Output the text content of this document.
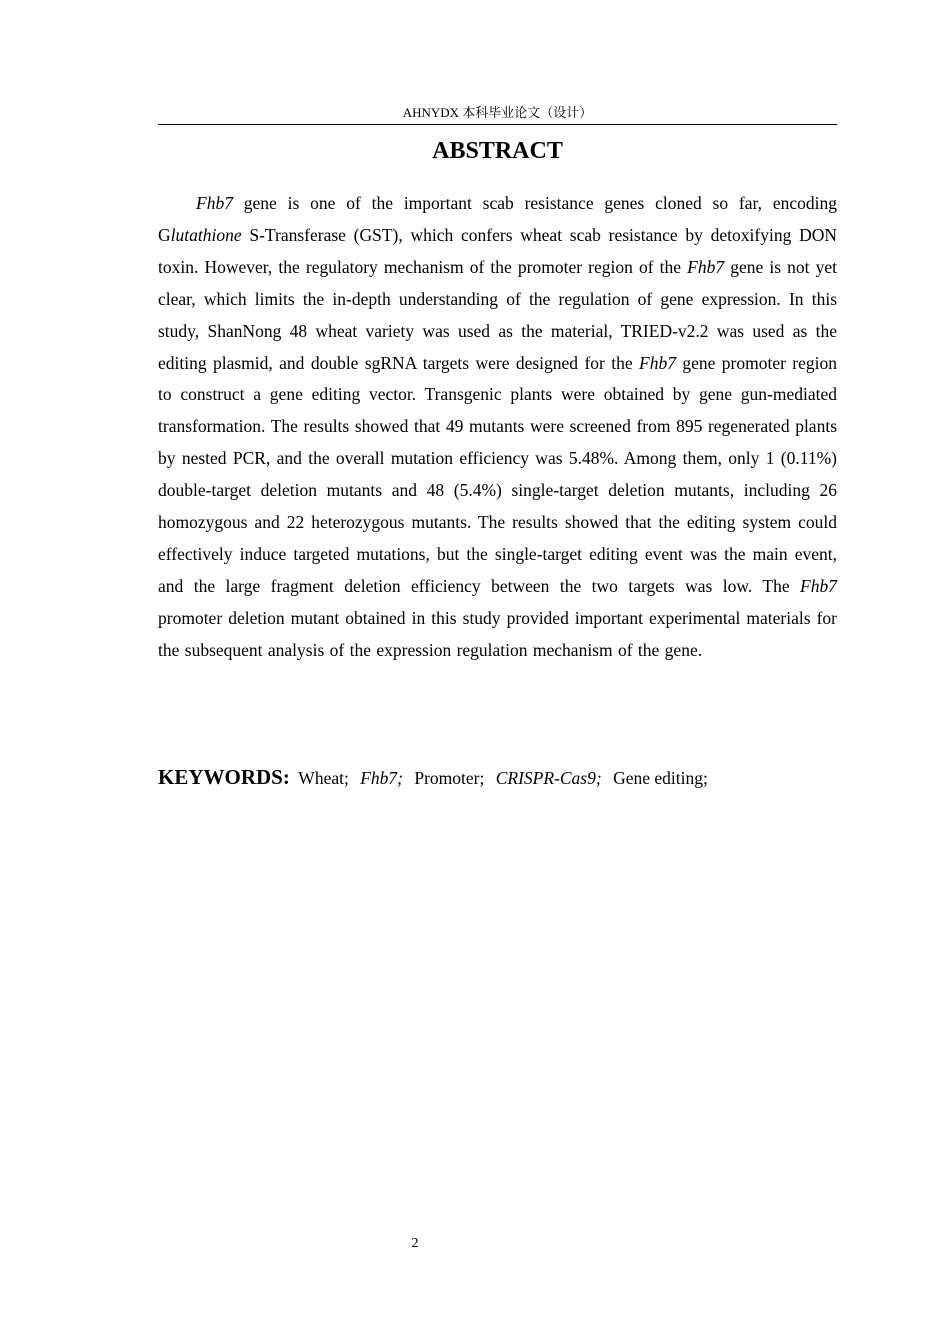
AHNYDX 本科毕业论文（设计）
ABSTRACT

Fhb7 gene is one of the important scab resistance genes cloned so far, encoding Glutathione S-Transferase (GST), which confers wheat scab resistance by detoxifying DON toxin. However, the regulatory mechanism of the promoter region of the Fhb7 gene is not yet clear, which limits the in-depth understanding of the regulation of gene expression. In this study, ShanNong 48 wheat variety was used as the material, TRIED-v2.2 was used as the editing plasmid, and double sgRNA targets were designed for the Fhb7 gene promoter region to construct a gene editing vector. Transgenic plants were obtained by gene gun-mediated transformation. The results showed that 49 mutants were screened from 895 regenerated plants by nested PCR, and the overall mutation efficiency was 5.48%. Among them, only 1 (0.11%) double-target deletion mutants and 48 (5.4%) single-target deletion mutants, including 26 homozygous and 22 heterozygous mutants. The results showed that the editing system could effectively induce targeted mutations, but the single-target editing event was the main event, and the large fragment deletion efficiency between the two targets was low. The Fhb7 promoter deletion mutant obtained in this study provided important experimental materials for the subsequent analysis of the expression regulation mechanism of the gene.

KEYWORDS: Wheat; Fhb7; Promoter; CRISPR-Cas9; Gene editing;
2
